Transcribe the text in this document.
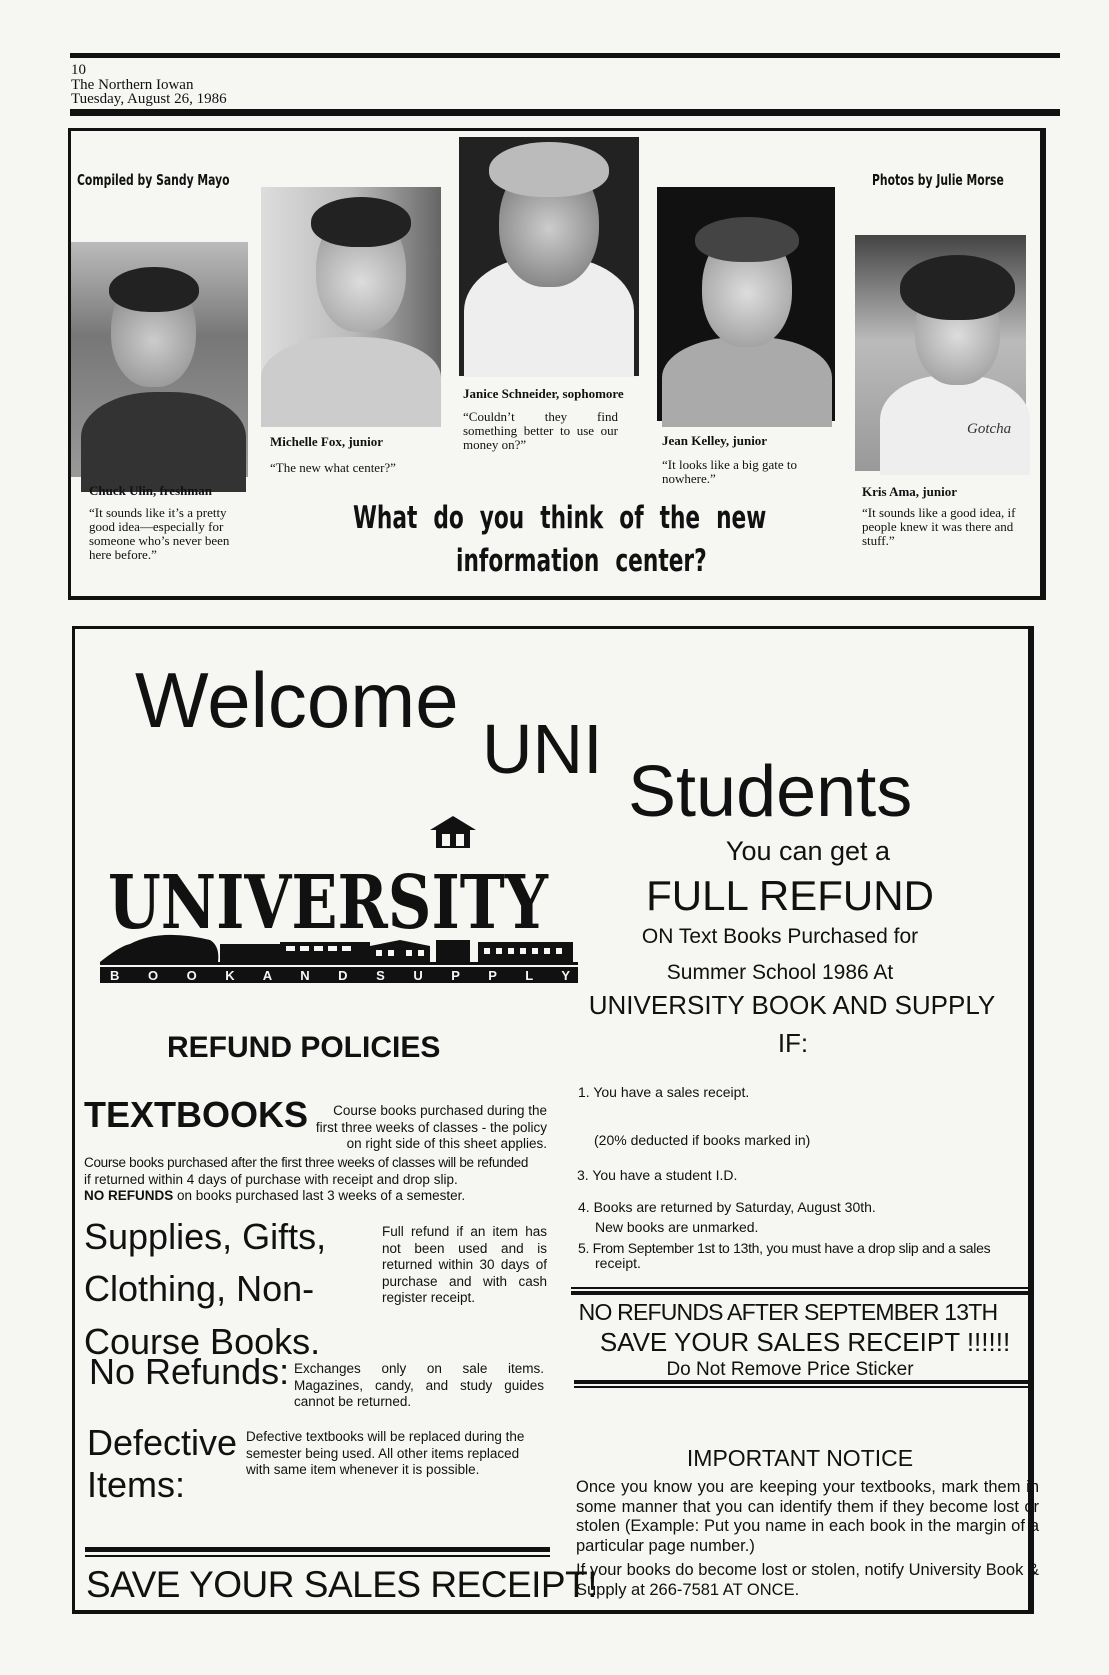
10
The Northern Iowan
Tuesday, August 26, 1986
Compiled by Sandy Mayo	Photos by Julie Morse
Gotcha
Chuck Ulin, freshman
“It sounds like it’s a pretty good idea—especially for someone who’s never been here before.”
Michelle Fox, junior
“The new what center?”
Janice Schneider, sophomore
“Couldn’t they find something better to use our money on?”	Jean Kelley, junior
“It looks like a big gate to nowhere.”
Kris Ama, junior
“It sounds like a good idea, if people knew it was there and stuff.”
What do you think of the new
information center?
Welcome
UNI
Students
B O O K A N D S U P P L Y
UNIVERSITY
You can get a
FULL REFUND
ON Text Books Purchased for
Summer School 1986 At
UNIVERSITY BOOK AND SUPPLY
IF:
1. You have a sales receipt.
(20% deducted if books marked in)
3. You have a student I.D.
4. Books are returned by Saturday, August 30th.
New books are unmarked.
5. From September 1st to 13th, you must have a drop slip and a sales
receipt.
NO REFUNDS AFTER SEPTEMBER 13TH
SAVE YOUR SALES RECEIPT !!!!!!
Do Not Remove Price Sticker
IMPORTANT NOTICE
Once you know you are keeping your textbooks, mark them in some manner that you can identify them if they become lost or stolen (Example: Put you name in each book in the margin of a particular page number.)
If your books do become lost or stolen, notify University Book & Supply at 266-7581 AT ONCE.
REFUND POLICIES
TEXTBOOKS	Course books purchased during the first three weeks of classes - the policy on right side of this sheet applies.
Course books purchased after the first three weeks of classes will be refunded
if returned within 4 days of purchase with receipt and drop slip.
NO REFUNDS on books purchased last 3 weeks of a semester.
Supplies, Gifts,
Clothing, Non-
Course Books.
Full refund if an item has not been used and is returned within 30 days of purchase and with cash register receipt.
No Refunds: Exchanges only on sale items. Magazines, candy, and study guides cannot be returned.
Defective
Items:
Defective textbooks will be replaced during the semester being used. All other items replaced with same item whenever it is possible.
SAVE YOUR SALES RECEIPT!
